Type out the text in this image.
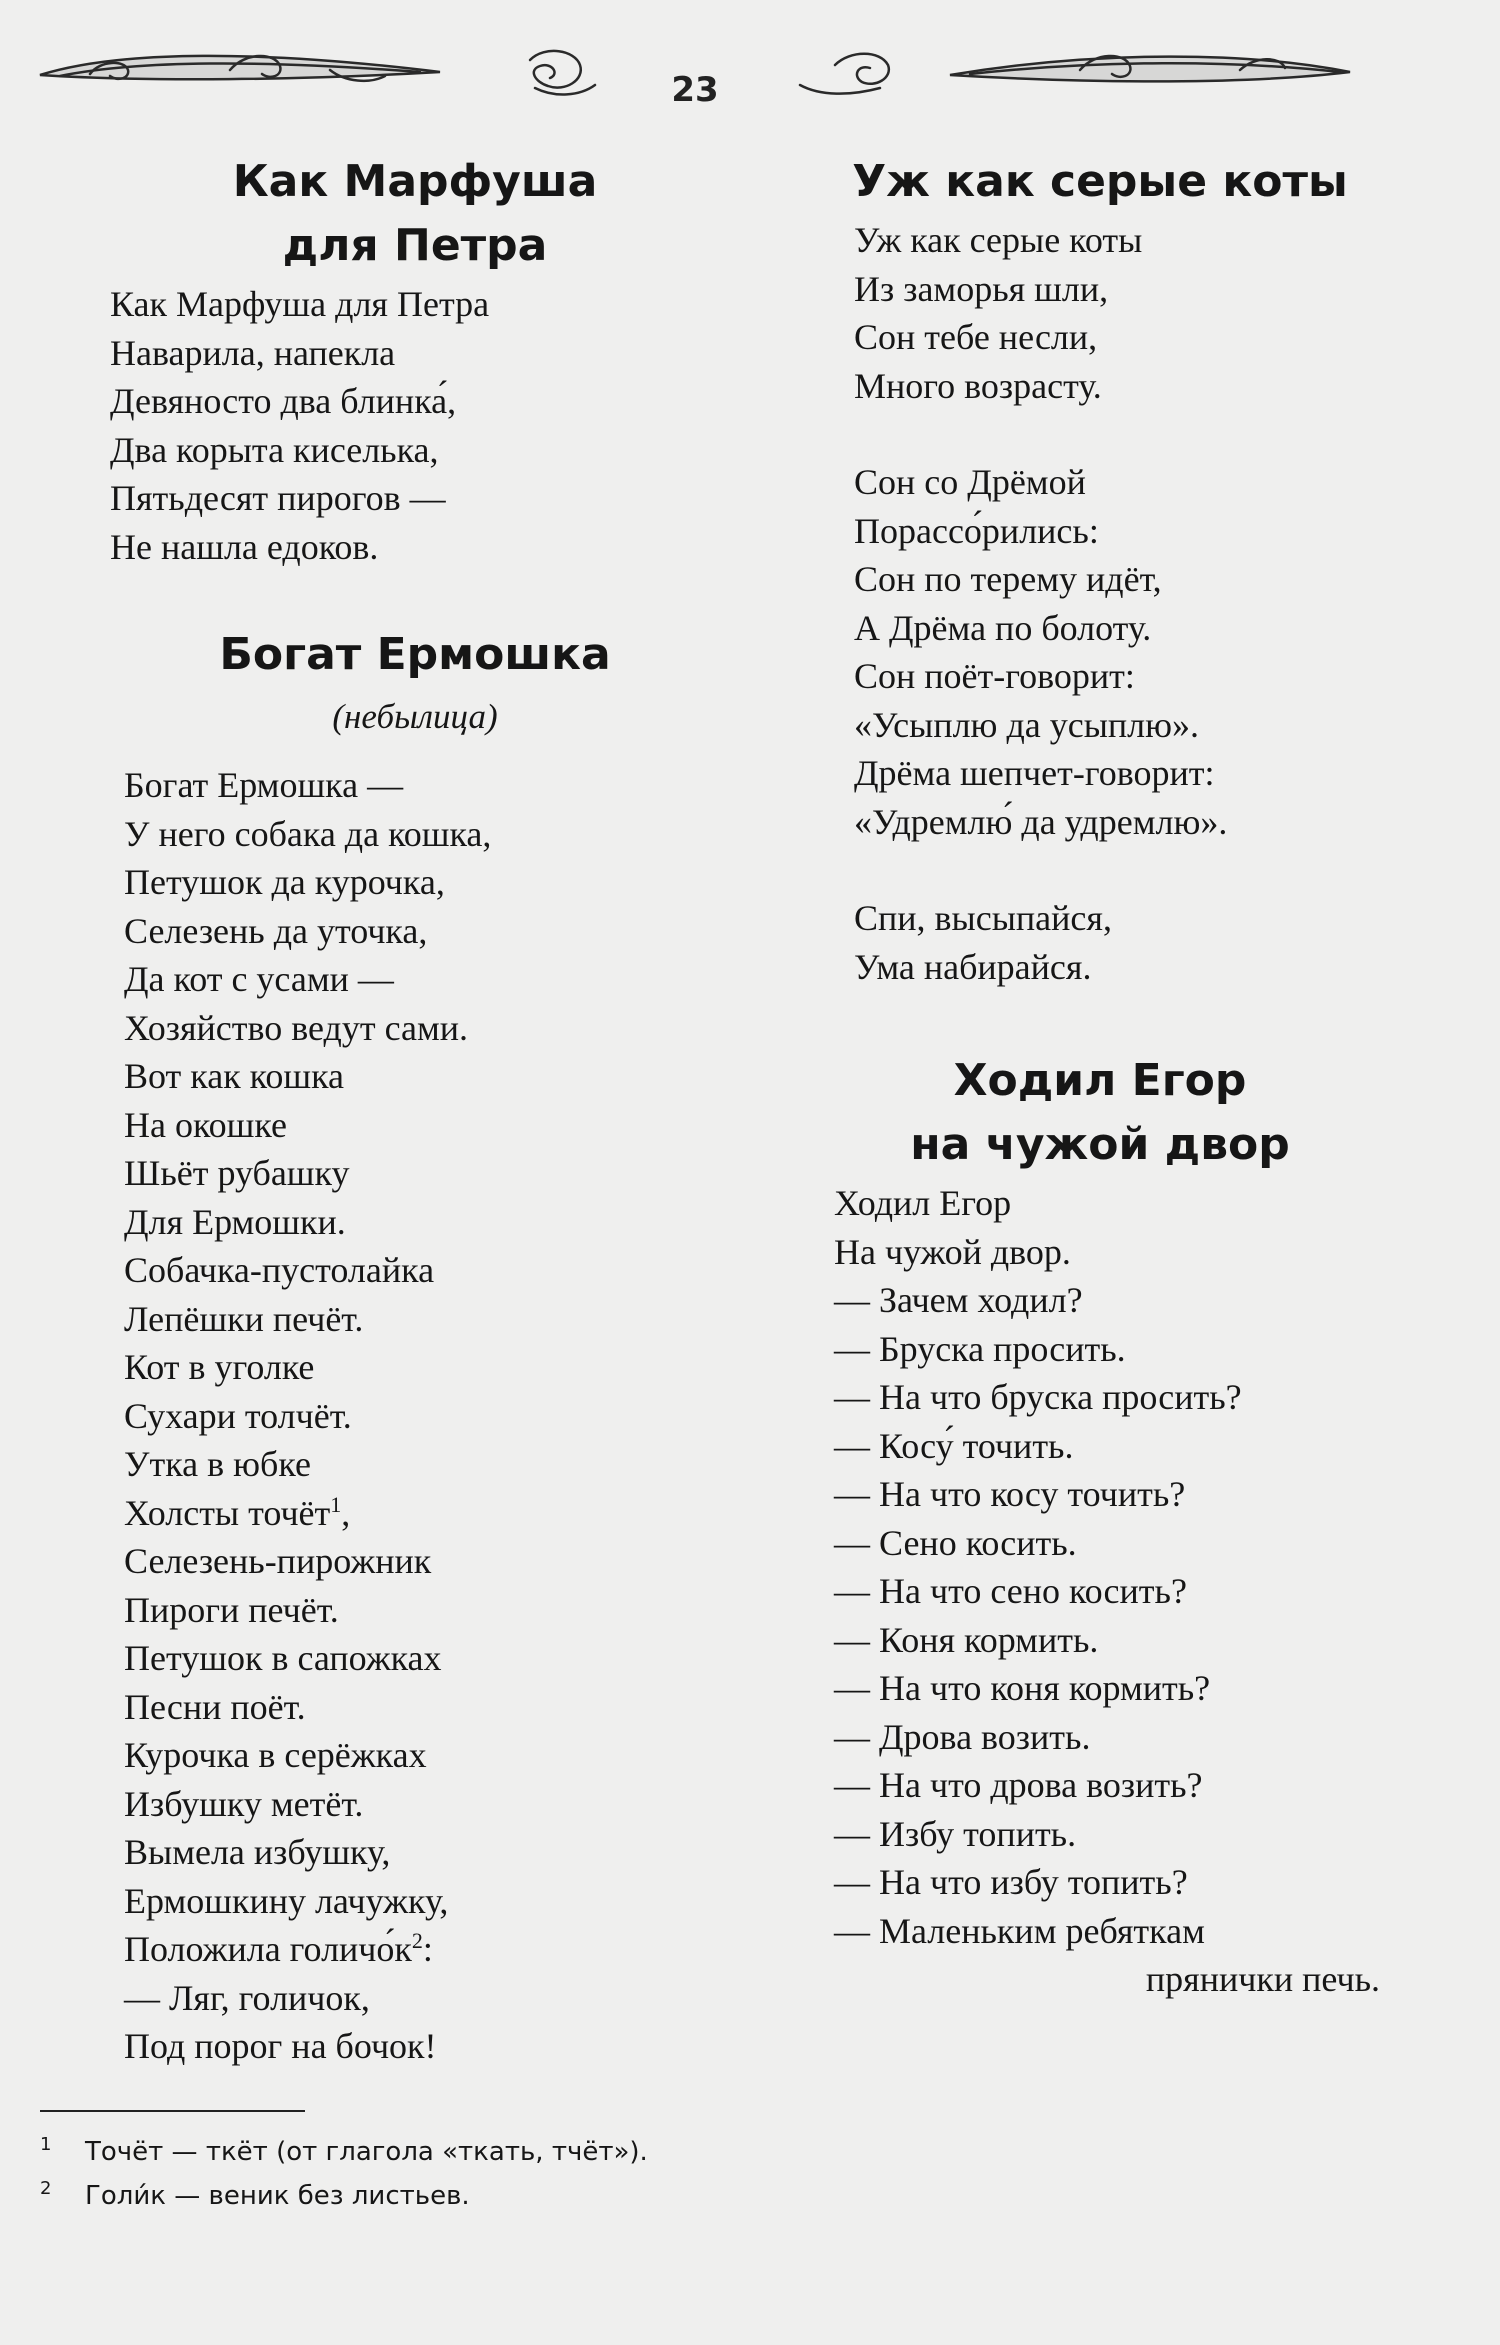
23
Как Марфуша
для Петра
Как Марфуша для Петра
Наварила, напекла
Девяносто два блинка́,
Два корыта киселька,
Пятьдесят пирогов —
Не нашла едоков.
Богат Ермошка
(небылица)
Богат Ермошка —
У него собака да кошка,
Петушок да курочка,
Селезень да уточка,
Да кот с усами —
Хозяйство ведут сами.
Вот как кошка
На окошке
Шьёт рубашку
Для Ермошки.
Собачка-пустолайка
Лепёшки печёт.
Кот в уголке
Сухари толчёт.
Утка в юбке
Холсты точёт$^1$,
Селезень-пирожник
Пироги печёт.
Петушок в сапожках
Песни поёт.
Курочка в серёжках
Избушку метёт.
Вымела избушку,
Ермошкину лачужку,
Положила $голичо́к^2$:
— Ляг, голичок,
Под порог на бочок!
Уж как серые коты
Уж как серые коты
Из заморья шли,
Сон тебе несли,
Много возрасту.
Сон со Дрёмой
Порассо́рились:
Сон по терему идёт,
А Дрёма по болоту.
Сон поёт-говорит:
«Усыплю да усыплю».
Дрёма шепчет-говорит:
«Удремлю́ да удремлю».
Спи, высыпайся,
Ума набирайся.
Ходил Егор
на чужой двор
Ходил Егор
На чужой двор.
— Зачем ходил?
— Бруска просить.
— На что бруска просить?
— Косу́ точить.
— На что косу точить?
— Сено косить.
— На что сено косить?
— Коня кормить.
— На что коня кормить?
— Дрова возить.
— На что дрова возить?
— Избу топить.
— На что избу топить?
— Маленьким ребяткам
прянички печь.
1 Точёт — ткёт (от глагола «ткать, тчёт»).
2 Голи́к — веник без листьев.
